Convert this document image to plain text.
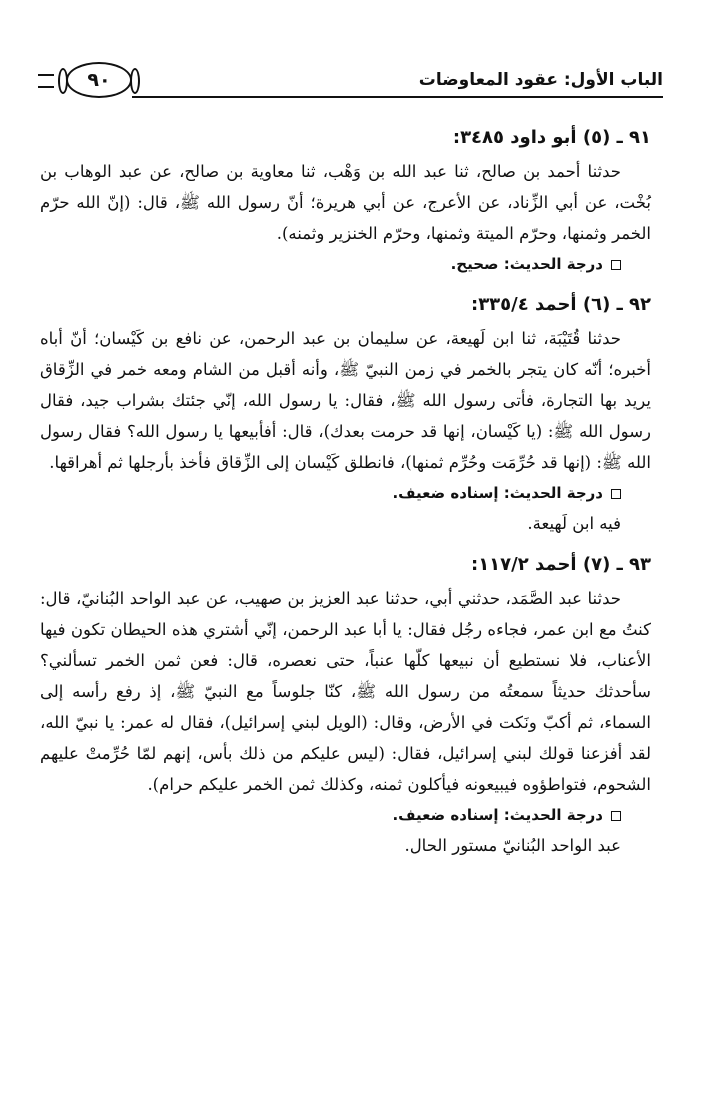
الباب الأول: عقود المعاوضات
٩٠
٩١ ـ (٥) أبو داود ٣٤٨٥:

حدثنا أحمد بن صالح، ثنا عبد الله بن وَهْب، ثنا معاوية بن صالح، عن عبد الوهاب بن بُخْت، عن أبي الزِّناد، عن الأعرج، عن أبي هريرة؛ أنّ رسول الله ﷺ، قال: (إنّ الله حرّم الخمر وثمنها، وحرّم الميتة وثمنها، وحرّم الخنزير وثمنه).

درجة الحديث: صحيح.

٩٢ ـ (٦) أحمد ٣٣٥/٤:

حدثنا قُتَيْبَة، ثنا ابن لَهيعة، عن سليمان بن عبد الرحمن، عن نافع بن كَيْسان؛ أنّ أباه أخبره؛ أنّه كان يتجر بالخمر في زمن النبيّ ﷺ، وأنه أقبل من الشام ومعه خمر في الزِّقاق يريد بها التجارة، فأتى رسول الله ﷺ، فقال: يا رسول الله، إنّي جئتك بشراب جيد، فقال رسول الله ﷺ: (يا كَيْسان، إنها قد حرمت بعدك)، قال: أفأبيعها يا رسول الله؟ فقال رسول الله ﷺ: (إنها قد حُرِّمَت وحُرِّم ثمنها)، فانطلق كَيْسان إلى الزِّقاق فأخذ بأرجلها ثم أهراقها.

درجة الحديث: إسناده ضعيف.

فيه ابن لَهيعة.

٩٣ ـ (٧) أحمد ١١٧/٢:

حدثنا عبد الصَّمَد، حدثني أبي، حدثنا عبد العزيز بن صهيب، عن عبد الواحد البُنانيّ، قال: كنتُ مع ابن عمر، فجاءه رجُل فقال: يا أبا عبد الرحمن، إنّي أشتري هذه الحيطان تكون فيها الأعناب، فلا نستطيع أن نبيعها كلّها عنباً، حتى نعصره، قال: فعن ثمن الخمر تسألني؟ سأحدثك حديثاً سمعتُه من رسول الله ﷺ، كنّا جلوساً مع النبيّ ﷺ، إذ رفع رأسه إلى السماء، ثم أكبّ ونَكت في الأرض، وقال: (الويل لبني إسرائيل)، فقال له عمر: يا نبيّ الله، لقد أفزعنا قولك لبني إسرائيل، فقال: (ليس عليكم من ذلك بأس، إنهم لمّا حُرِّمتْ عليهم الشحوم، فتواطؤوه فيبيعونه فيأكلون ثمنه، وكذلك ثمن الخمر عليكم حرام).

درجة الحديث: إسناده ضعيف.

عبد الواحد البُنانيّ مستور الحال.
